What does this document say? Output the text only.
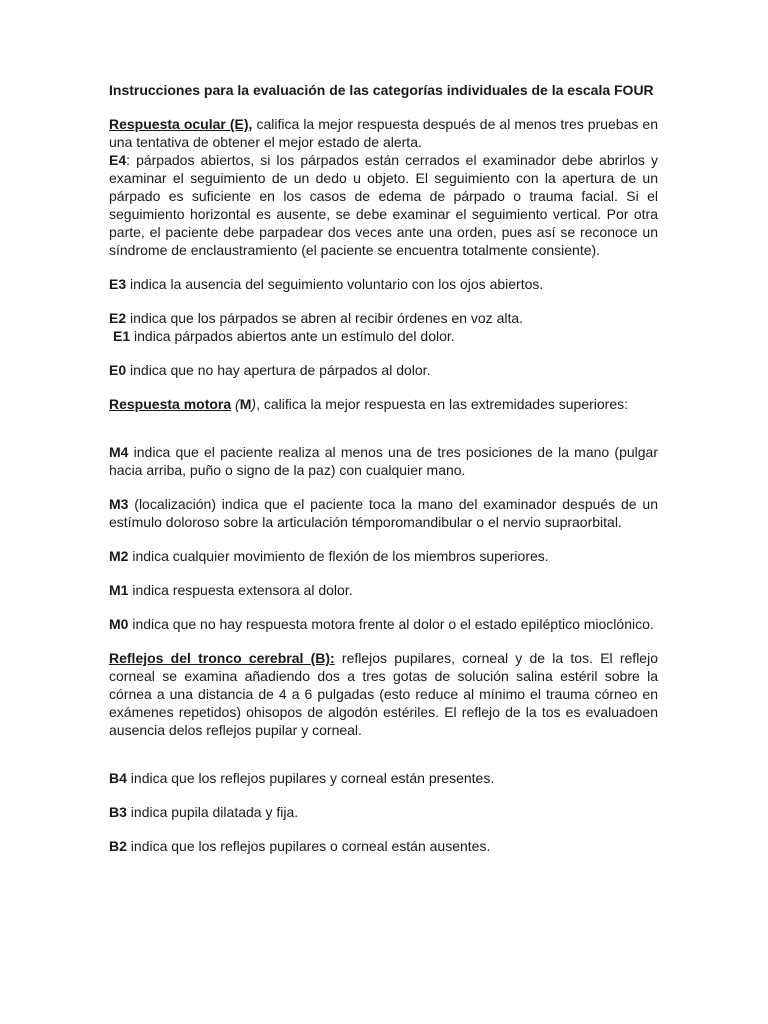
Instrucciones para la evaluación de las categorías individuales de la escala FOUR

Respuesta ocular (E), califica la mejor respuesta después de al menos tres pruebas en una tentativa de obtener el mejor estado de alerta.
E4: párpados abiertos, si los párpados están cerrados el examinador debe abrirlos y examinar el seguimiento de un dedo u objeto. El seguimiento con la apertura de un párpado es suficiente en los casos de edema de párpado o trauma facial. Si el seguimiento horizontal es ausente, se debe examinar el seguimiento vertical. Por otra parte, el paciente debe parpadear dos veces ante una orden, pues así se reconoce un síndrome de enclaustramiento (el paciente se encuentra totalmente consiente).

E3 indica la ausencia del seguimiento voluntario con los ojos abiertos.

E2 indica que los párpados se abren al recibir órdenes en voz alta.

E1 indica párpados abiertos ante un estímulo del dolor.

E0 indica que no hay apertura de párpados al dolor.

Respuesta motora (M), califica la mejor respuesta en las extremidades superiores:

M4 indica que el paciente realiza al menos una de tres posiciones de la mano (pulgar hacia arriba, puño o signo de la paz) con cualquier mano.

M3 (localización) indica que el paciente toca la mano del examinador después de un estímulo doloroso sobre la articulación témporomandibular o el nervio supraorbital.

M2 indica cualquier movimiento de flexión de los miembros superiores.

M1 indica respuesta extensora al dolor.

M0 indica que no hay respuesta motora frente al dolor o el estado epiléptico mioclónico.

Reflejos del tronco cerebral (B): reflejos pupilares, corneal y de la tos. El reflejo corneal se examina añadiendo dos a tres gotas de solución salina estéril sobre la córnea a una distancia de 4 a 6 pulgadas (esto reduce al mínimo el trauma córneo en exámenes repetidos) ohisopos de algodón estériles. El reflejo de la tos es evaluadoen ausencia delos reflejos pupilar y corneal.

B4 indica que los reflejos pupilares y corneal están presentes.

B3 indica pupila dilatada y fija.

B2 indica que los reflejos pupilares o corneal están ausentes.
